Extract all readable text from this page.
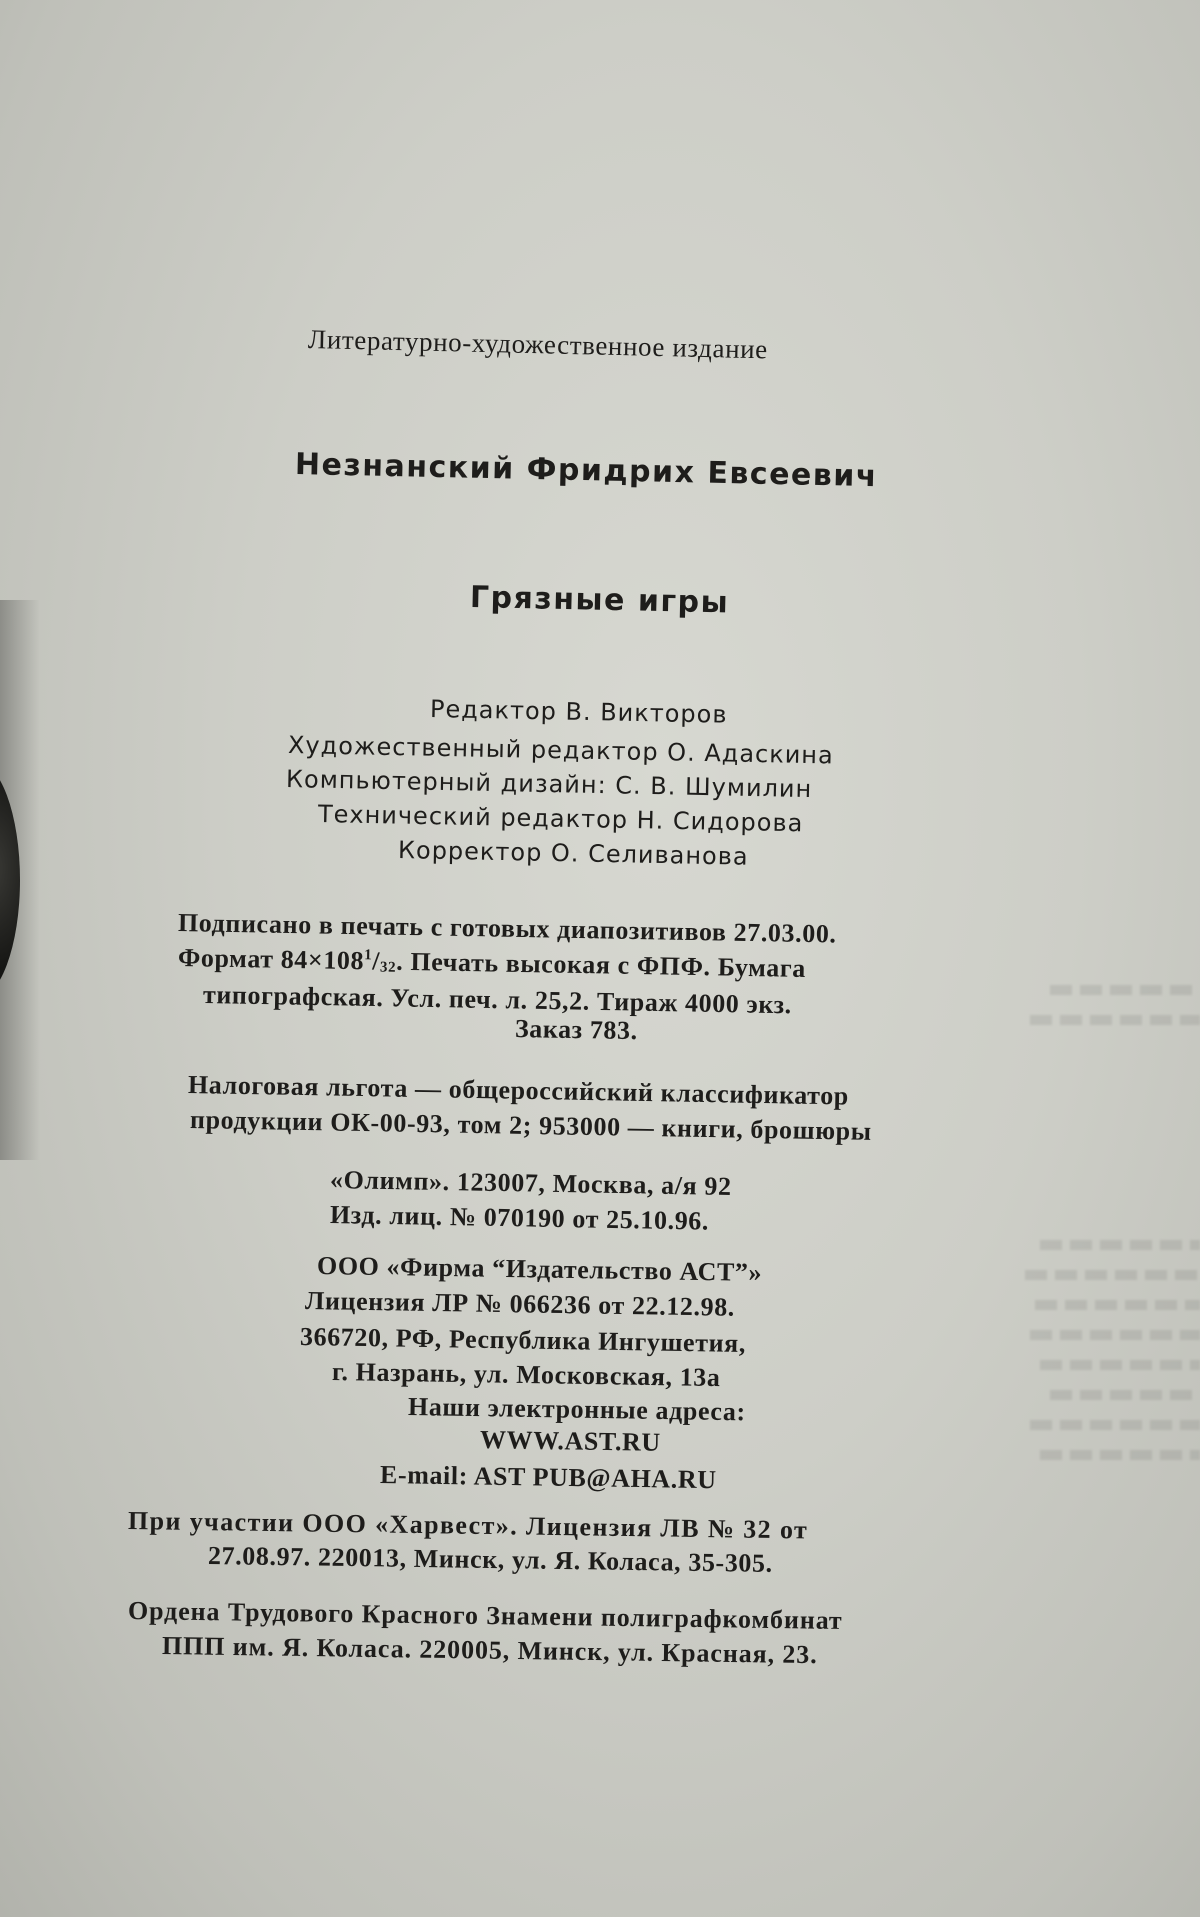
Литературно-художественное издание
Незнанский Фридрих Евсеевич
Грязные игры
Редактор В. Викторов
Художественный редактор О. Адаскина
Компьютерный дизайн: С. В. Шумилин
Технический редактор Н. Сидорова
Корректор О. Селиванова
Подписано в печать с готовых диапозитивов 27.03.00.
Формат $84\times 108^1/_{32}$. Печать высокая с ФПФ. Бумага
типографская. Усл. печ. л. 25,2. Тираж 4000 экз.
Заказ 783.
Налоговая льгота — общероссийский классификатор
продукции ОК-00-93, том 2; 953000 — книги, брошюры
«Олимп». 123007, Москва, а/я 92
Изд. лиц. № 070190 от 25.10.96.
ООО «Фирма “Издательство АСТ”»
Лицензия ЛР № 066236 от 22.12.98.
366720, РФ, Республика Ингушетия,
г. Назрань, ул. Московская, 13а
Наши электронные адреса:
WWW.AST.RU
E-mail: AST PUB@AHA.RU
При участии ООО «Харвест». Лицензия ЛВ № 32 от
27.08.97. 220013, Минск, ул. Я. Коласа, 35-305.
Ордена Трудового Красного Знамени полиграфкомбинат
ППП им. Я. Коласа. 220005, Минск, ул. Красная, 23.
